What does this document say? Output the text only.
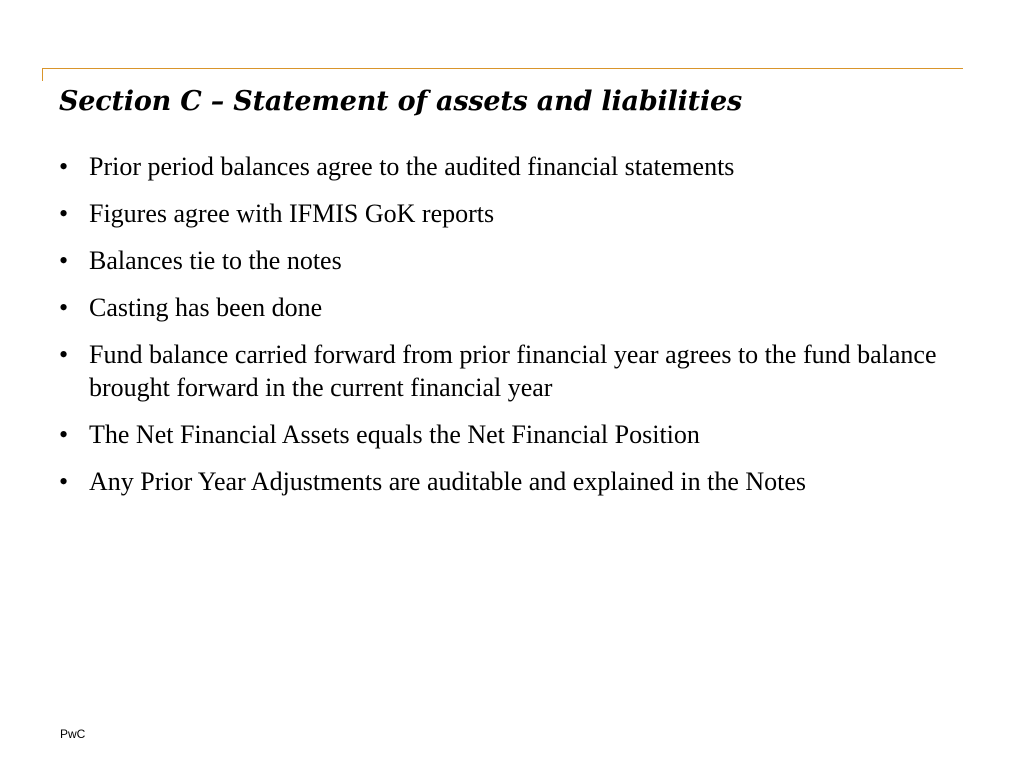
Section C – Statement of assets and liabilities
• Prior period balances agree to the audited financial statements
• Figures agree with IFMIS GoK reports
• Balances tie to the notes
• Casting has been done
• Fund balance carried forward from prior financial year agrees to the fund balance brought forward in the current financial year
• The Net Financial Assets equals the Net Financial Position
• Any Prior Year Adjustments are auditable and explained in the Notes
PwC
